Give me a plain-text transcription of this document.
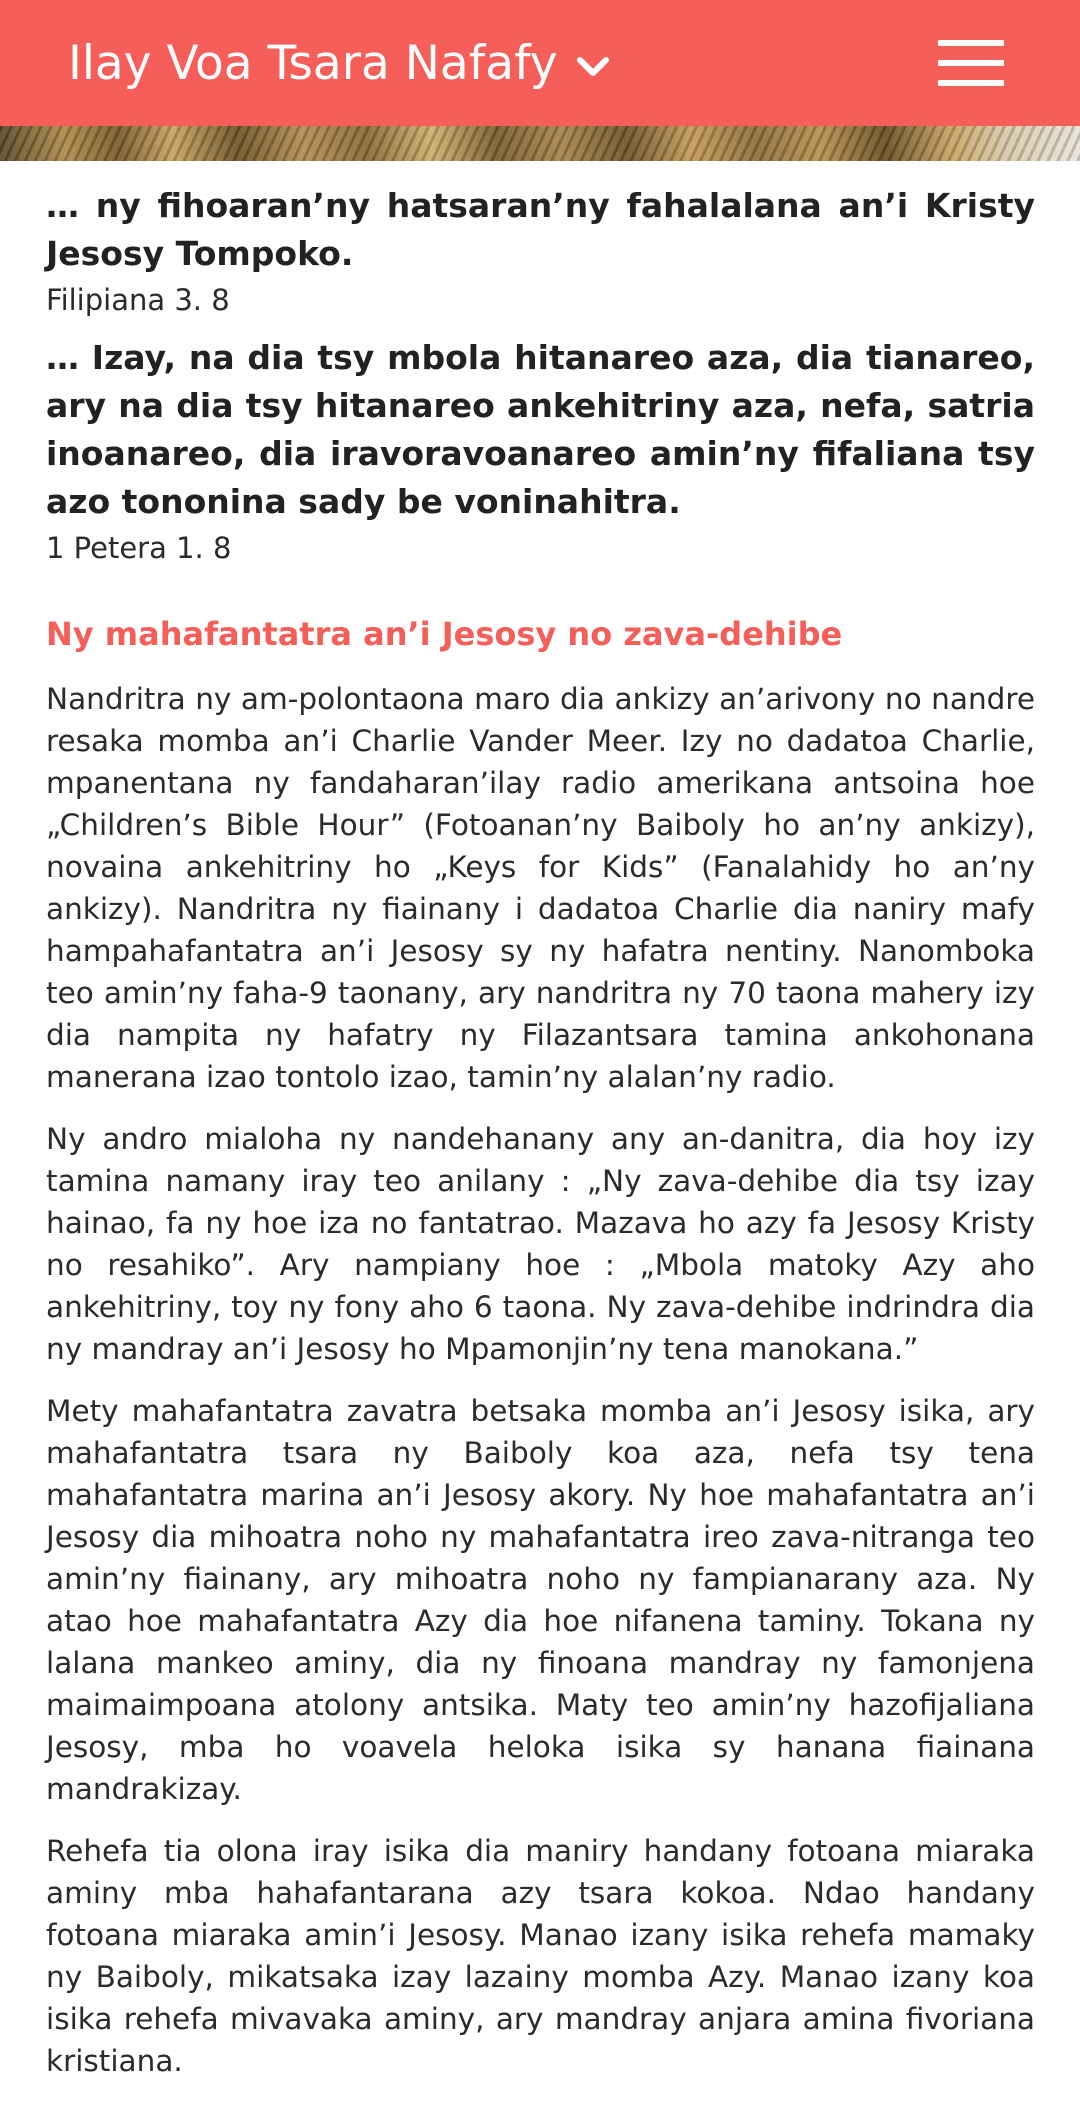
Ilay Voa Tsara Nafafy

… ny fihoaran’ny hatsaran’ny fahalalana an’i Kristy Jesosy Tompoko.

Filipiana 3. 8

… Izay, na dia tsy mbola hitanareo aza, dia tianareo, ary na dia tsy hitanareo ankehitriny aza, nefa, satria inoanareo, dia iravoravoanareo amin’ny fifaliana tsy azo tononina sady be voninahitra.

1 Petera 1. 8
Ny mahafantatra an’i Jesosy no zava-dehibe

Nandritra ny am-polontaona maro dia ankizy an’arivony no nandre resaka momba an’i Charlie Vander Meer. Izy no dadatoa Charlie, mpanentana ny fandaharan’ilay radio amerikana antsoina hoe „Children’s Bible Hour” (Fotoanan’ny Baiboly ho an’ny ankizy), novaina ankehitriny ho „Keys for Kids” (Fanalahidy ho an’ny ankizy). Nandritra ny fiainany i dadatoa Charlie dia naniry mafy hampahafantatra an’i Jesosy sy ny hafatra nentiny. Nanomboka teo amin’ny faha-9 taonany, ary nandritra ny 70 taona mahery izy dia nampita ny hafatry ny Filazantsara tamina ankohonana manerana izao tontolo izao, tamin’ny alalan’ny radio.

Ny andro mialoha ny nandehanany any an-danitra, dia hoy izy tamina namany iray teo anilany : „Ny zava-dehibe dia tsy izay hainao, fa ny hoe iza no fantatrao. Mazava ho azy fa Jesosy Kristy no resahiko”. Ary nampiany hoe : „Mbola matoky Azy aho ankehitriny, toy ny fony aho 6 taona. Ny zava-dehibe indrindra dia ny mandray an’i Jesosy ho Mpamonjin’ny tena manokana.”

Mety mahafantatra zavatra betsaka momba an’i Jesosy isika, ary mahafantatra tsara ny Baiboly koa aza, nefa tsy tena mahafantatra marina an’i Jesosy akory. Ny hoe mahafantatra an’i Jesosy dia mihoatra noho ny mahafantatra ireo zava-nitranga teo amin’ny fiainany, ary mihoatra noho ny fampianarany aza. Ny atao hoe mahafantatra Azy dia hoe nifanena taminy. Tokana ny lalana mankeo aminy, dia ny finoana mandray ny famonjena maimaimpoana atolony antsika. Maty teo amin’ny hazofijaliana Jesosy, mba ho voavela heloka isika sy hanana fiainana mandrakizay.

Rehefa tia olona iray isika dia maniry handany fotoana miaraka aminy mba hahafantarana azy tsara kokoa. Ndao handany fotoana miaraka amin’i Jesosy. Manao izany isika rehefa mamaky ny Baiboly, mikatsaka izay lazainy momba Azy. Manao izany koa isika rehefa mivavaka aminy, ary mandray anjara amina fivoriana kristiana.
